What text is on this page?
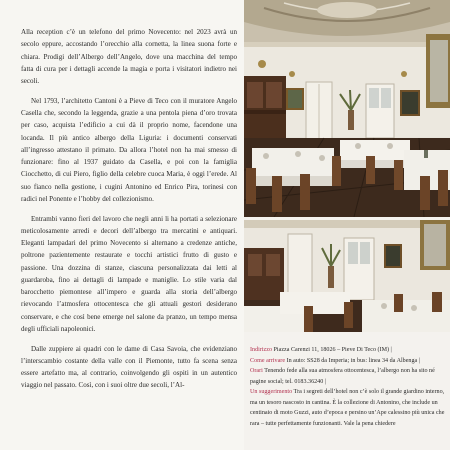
Alla reception c’è un telefono del primo Novecento: nel 2023 avrà un secolo eppure, accostando l’orecchio alla cornetta, la linea suona forte e chiara. Prodigi dell’Albergo dell’Angelo, dove una macchina del tempo fatta di cura per i dettagli accende la magia e porta i visitatori indietro nei secoli.

Nel 1793, l’architetto Cantoni è a Pieve di Teco con il muratore Angelo Casella che, secondo la leggenda, grazie a una pentola piena d’oro trovata per caso, acquista l’edificio a cui dà il proprio nome, facendone una locanda. Il più antico albergo della Liguria: i documenti conservati all’ingresso attestano il primato. Da allora l’hotel non ha mai smesso di funzionare: fino al 1937 guidato da Casella, e poi con la famiglia Ciocchetto, di cui Piero, figlio della celebre cuoca Maria, è oggi l’erede. Al suo fianco nella gestione, i cugini Antonino ed Enrico Pira, torinesi con radici nel Ponente e l’hobby del collezionismo.

Entrambi vanno fieri del lavoro che negli anni li ha portati a selezionare meticolosamente arredi e decori dell’albergo tra mercatini e antiquari. Eleganti lampadari del primo Novecento si alternano a credenze antiche, poltrone pazientemente restaurate e tocchi artistici frutto di gusto e passione. Una dozzina di stanze, ciascuna personalizzata dai letti al guardaroba, fino ai dettagli di lampade e maniglie. Lo stile varia dal barocchetto piemontese all’impero e guarda alla storia dell’albergo rievocando l’atmosfera ottocentesca che gli attuali gestori desiderano conservare, e che così bene emerge nel salone da pranzo, un tempo mensa degli ufficiali napoleonici.

Dalle zuppiere ai quadri con le dame di Casa Savoia, che evidenziano l’interscambio costante della valle con il Piemonte, tutto fa scena senza essere artefatto ma, al contrario, coinvolgendo gli ospiti in un autentico viaggio nel passato. Così, con i suoi oltre due secoli, l’Al-

Indirizzo Piazza Carenzi 11, 18026 – Pieve Di Teco (IM) |

Come arrivare In auto: SS28 da Imperia; in bus: linea 34 da Albenga |

Orari Tenendo fede alla sua atmosfera ottocentesca, l’albergo non ha sito né pagine social; tel. 0183.36240 |

Un suggerimento Tra i segreti dell’hotel non c’è solo il grande giardino interno, ma un tesoro nascosto in cantina. È la collezione di Antonino, che include un centinaio di moto Guzzi, auto d’epoca e persino un’Ape calessino più unica che rara – tutte perfettamente funzionanti. Vale la pena chiedere
